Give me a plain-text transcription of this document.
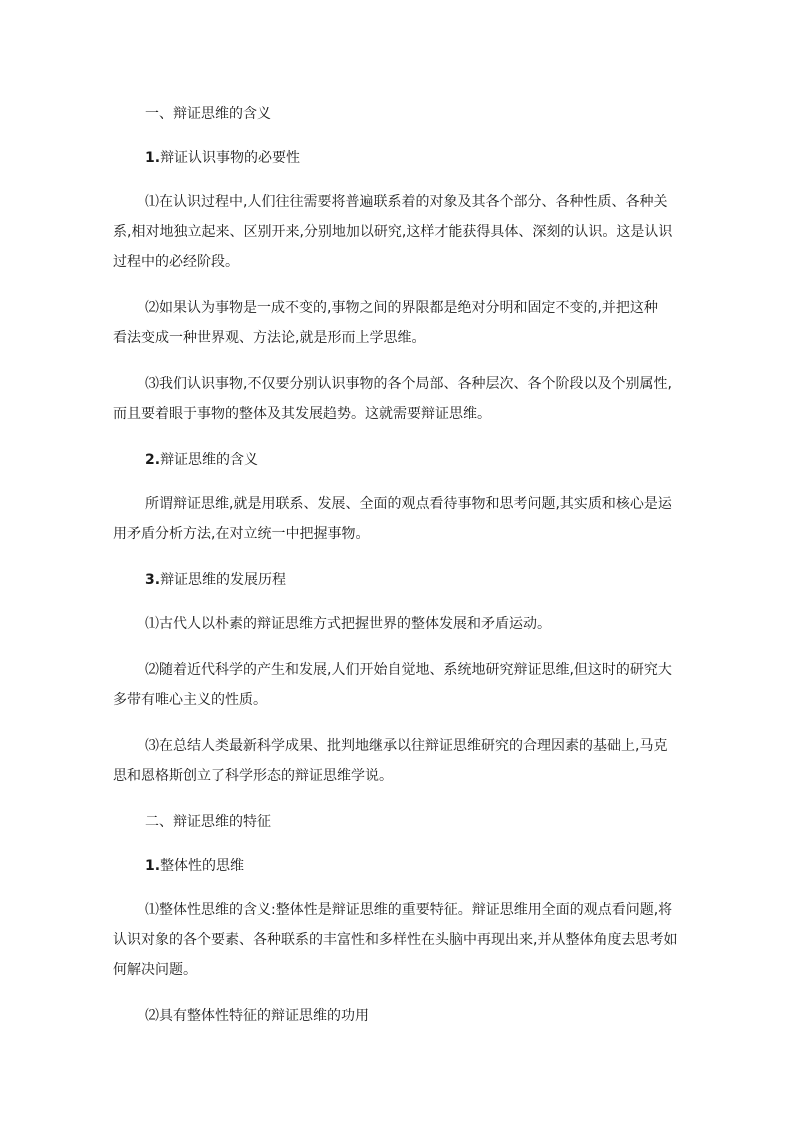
一、辩证思维的含义

1.辩证认识事物的必要性

⑴在认识过程中,人们往往需要将普遍联系着的对象及其各个部分、各种性质、各种关

系,相对地独立起来、区别开来,分别地加以研究,这样才能获得具体、深刻的认识。这是认识

过程中的必经阶段。

⑵如果认为事物是一成不变的,事物之间的界限都是绝对分明和固定不变的,并把这种

看法变成一种世界观、方法论,就是形而上学思维。

⑶我们认识事物,不仅要分别认识事物的各个局部、各种层次、各个阶段以及个别属性,

而且要着眼于事物的整体及其发展趋势。这就需要辩证思维。

2.辩证思维的含义

所谓辩证思维,就是用联系、发展、全面的观点看待事物和思考问题,其实质和核心是运

用矛盾分析方法,在对立统一中把握事物。

3.辩证思维的发展历程

⑴古代人以朴素的辩证思维方式把握世界的整体发展和矛盾运动。

⑵随着近代科学的产生和发展,人们开始自觉地、系统地研究辩证思维,但这时的研究大

多带有唯心主义的性质。

⑶在总结人类最新科学成果、批判地继承以往辩证思维研究的合理因素的基础上,马克

思和恩格斯创立了科学形态的辩证思维学说。

二、辩证思维的特征

1.整体性的思维

⑴整体性思维的含义:整体性是辩证思维的重要特征。辩证思维用全面的观点看问题,将

认识对象的各个要素、各种联系的丰富性和多样性在头脑中再现出来,并从整体角度去思考如

何解决问题。

⑵具有整体性特征的辩证思维的功用
